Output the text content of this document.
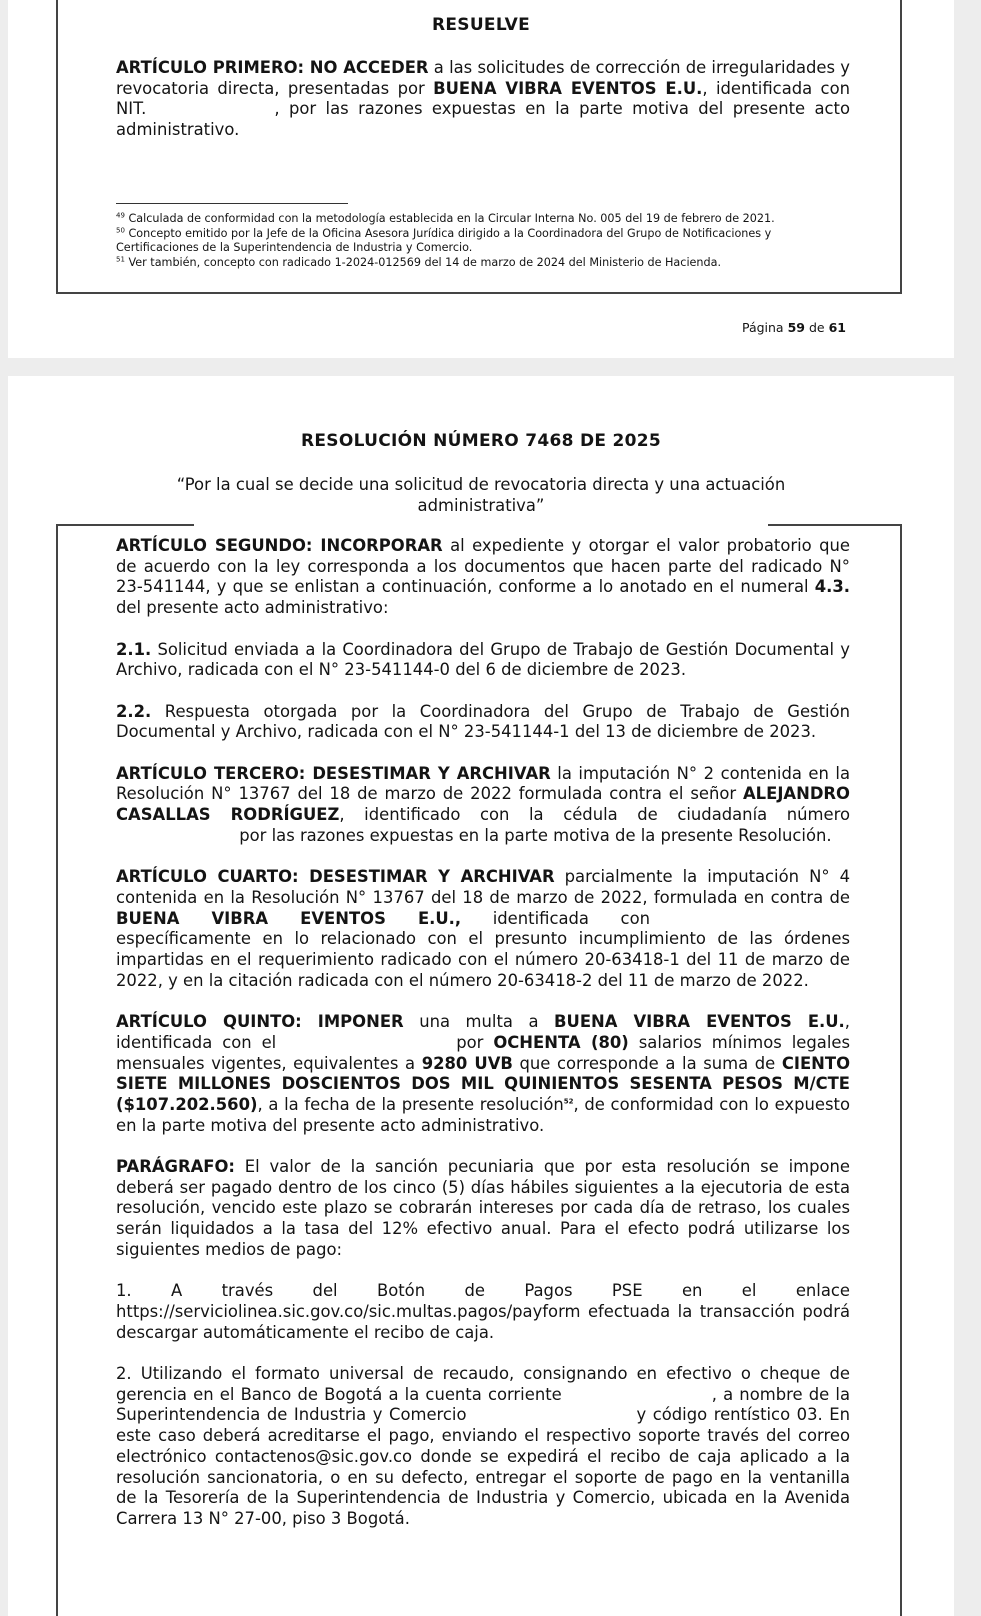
RESUELVE

ARTÍCULO PRIMERO: NO ACCEDER a las solicitudes de corrección de irregularidades y revocatoria directa, presentadas por BUENA VIBRA EVENTOS E.U., identificada con NIT.	, por las razones expuestas en la parte motiva del presente acto administrativo.

$^{49}$ Calculada de conformidad con la metodología establecida en la Circular Interna No. 005 del 19 de febrero de 2021.

$^{50}$ Concepto emitido por la Jefe de la Oficina Asesora Jurídica dirigido a la Coordinadora del Grupo de Notificaciones y Certificaciones de la Superintendencia de Industria y Comercio.

$^{51}$ Ver también, concepto con radicado 1-2024-012569 del 14 de marzo de 2024 del Ministerio de Hacienda.

Página 59 de 61
RESOLUCIÓN NÚMERO 7468 DE 2025
“Por la cual se decide una solicitud de revocatoria directa y una actuación administrativa”

ARTÍCULO SEGUNDO: INCORPORAR al expediente y otorgar el valor probatorio que de acuerdo con la ley corresponda a los documentos que hacen parte del radicado N° 23-541144, y que se enlistan a continuación, conforme a lo anotado en el numeral 4.3. del presente acto administrativo:

2.1. Solicitud enviada a la Coordinadora del Grupo de Trabajo de Gestión Documental y Archivo, radicada con el N° 23-541144-0 del 6 de diciembre de 2023.

2.2. Respuesta otorgada por la Coordinadora del Grupo de Trabajo de Gestión Documental y Archivo, radicada con el N° 23-541144-1 del 13 de diciembre de 2023.

ARTÍCULO TERCERO: DESESTIMAR Y ARCHIVAR la imputación N° 2 contenida en la Resolución N° 13767 del 18 de marzo de 2022 formulada contra el señor ALEJANDRO CASALLAS RODRÍGUEZ, identificado con la cédula de ciudadanía número por las razones expuestas en la parte motiva de la presente Resolución.

ARTÍCULO CUARTO: DESESTIMAR Y ARCHIVAR parcialmente la imputación N° 4 contenida en la Resolución N° 13767 del 18 de marzo de 2022, formulada en contra de BUENA VIBRA EVENTOS E.U., identificada con específicamente en lo relacionado con el presunto incumplimiento de las órdenes impartidas en el requerimiento radicado con el número 20-63418-1 del 11 de marzo de 2022, y en la citación radicada con el número 20-63418-2 del 11 de marzo de 2022.

ARTÍCULO QUINTO: IMPONER una multa a BUENA VIBRA EVENTOS E.U., identificada con el	por OCHENTA (80) salarios mínimos legales mensuales vigentes, equivalentes a 9280 UVB que corresponde a la suma de CIENTO SIETE MILLONES DOSCIENTOS DOS MIL QUINIENTOS SESENTA PESOS M/CTE ($107.202.560), a la fecha de la presente resolución$^{52}$, de conformidad con lo expuesto en la parte motiva del presente acto administrativo.

PARÁGRAFO: El valor de la sanción pecuniaria que por esta resolución se impone deberá ser pagado dentro de los cinco (5) días hábiles siguientes a la ejecutoria de esta resolución, vencido este plazo se cobrarán intereses por cada día de retraso, los cuales serán liquidados a la tasa del 12% efectivo anual. Para el efecto podrá utilizarse los siguientes medios de pago:

1. A través del Botón de Pagos PSE en el enlace
https://serviciolinea.sic.gov.co/sic.multas.pagos/payform efectuada la transacción podrá descargar automáticamente el recibo de caja.

2. Utilizando el formato universal de recaudo, consignando en efectivo o cheque de gerencia en el Banco de Bogotá a la cuenta corriente	, a nombre de la Superintendencia de Industria y Comercio	y código rentístico 03. En este caso deberá acreditarse el pago, enviando el respectivo soporte través del correo electrónico contactenos@sic.gov.co donde se expedirá el recibo de caja aplicado a la resolución sancionatoria, o en su defecto, entregar el soporte de pago en la ventanilla de la Tesorería de la Superintendencia de Industria y Comercio, ubicada en la Avenida Carrera 13 N° 27-00, piso 3 Bogotá.
